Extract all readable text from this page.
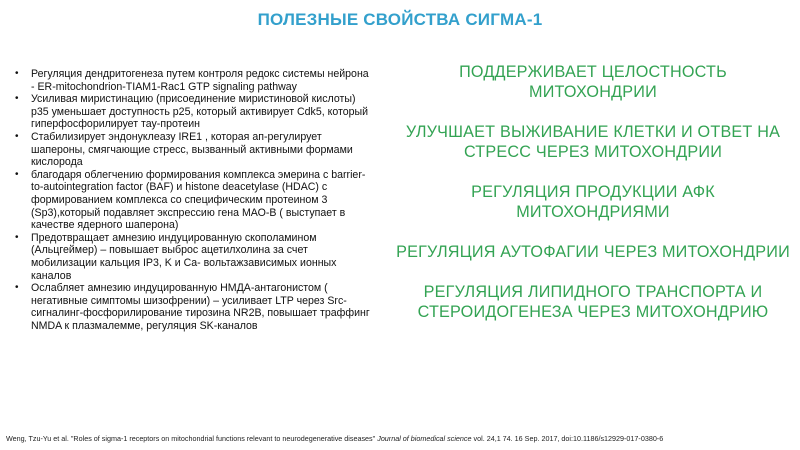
ПОЛЕЗНЫЕ СВОЙСТВА СИГМА-1
• Регуляция дендритогенеза путем контроля редокс системы нейрона - ER-mitochondrion-TIAM1-Rac1 GTP signaling pathway
• Усиливая миристинацию (присоединение миристиновой кислоты) p35 уменьшает доступность p25, который активирует Cdk5, который гиперфосфорилирует тау-протеин
• Стабилизирует эндонуклеазу IRE1 , которая ап-регулирует шапероны, смягчающие стресс, вызванный активными формами кислорода
• благодаря облегчению формирования комплекса эмерина с barrier-to-autointegration factor (BAF) и histone deacetylase (HDAC) с формированием комплекса со специфическим протеином 3 (Sp3),который подавляет экспрессию гена МАО-B ( выступает в качестве ядерного шаперона)
• Предотвращает амнезию индуцированную скополамином (Альцгеймер) – повышает выброс ацетилхолина за счет мобилизации кальция IP3, K и Ca- вольтажзависимых ионных каналов
• Ослабляет амнезию индуцированную НМДА-антагонистом ( негативные симптомы шизофрении) – усиливает LTP через Src-сигналинг-фосфорилирование тирозина NR2B, повышает траффинг NMDA к плазмалемме, регуляция SK-каналов

ПОДДЕРЖИВАЕТ ЦЕЛОСТНОСТЬ МИТОХОНДРИИ

УЛУЧШАЕТ ВЫЖИВАНИЕ КЛЕТКИ И ОТВЕТ НА СТРЕСС ЧЕРЕЗ МИТОХОНДРИИ

РЕГУЛЯЦИЯ ПРОДУКЦИИ АФК МИТОХОНДРИЯМИ

РЕГУЛЯЦИЯ АУТОФАГИИ ЧЕРЕЗ МИТОХОНДРИИ

РЕГУЛЯЦИЯ ЛИПИДНОГО ТРАНСПОРТА И СТЕРОИДОГЕНЕЗА ЧЕРЕЗ МИТОХОНДРИЮ

Weng, Tzu-Yu et al. "Roles of sigma-1 receptors on mitochondrial functions relevant to neurodegenerative diseases" Journal of biomedical science vol. 24,1 74. 16 Sep. 2017, doi:10.1186/s12929-017-0380-6
